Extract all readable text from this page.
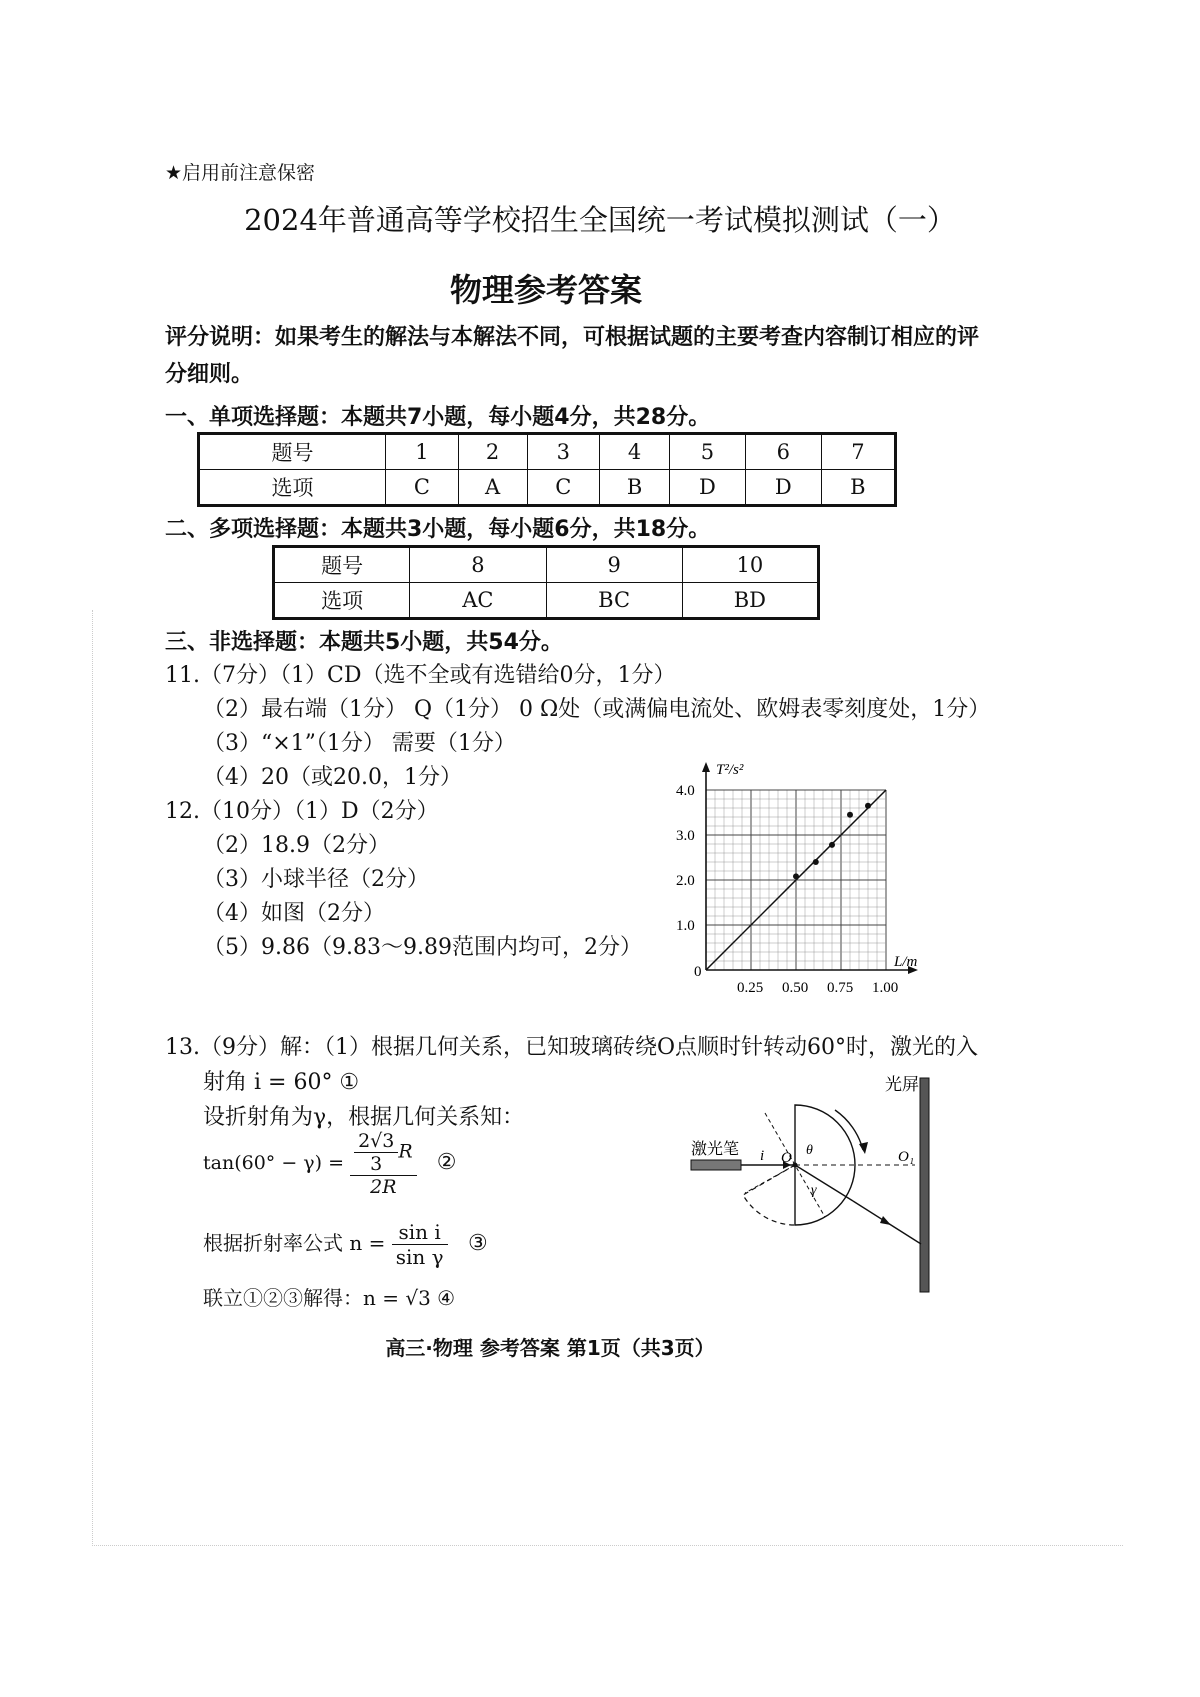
★启用前注意保密
2024年普通高等学校招生全国统一考试模拟测试（一）
物理参考答案
评分说明：如果考生的解法与本解法不同，可根据试题的主要考查内容制订相应的评
分细则。
一、单项选择题：本题共7小题，每小题4分，共28分。
题号	1	2	3	4	5	6	7
选项	C	A	C	B	D	D	B
二、多项选择题：本题共3小题，每小题6分，共18分。
题号	8	9	10
选项	AC	BC	BD
三、非选择题：本题共5小题，共54分。
11.（7分）（1）CD（选不全或有选错给0分，1分）
（2）最右端（1分） Q（1分） 0 Ω处（或满偏电流处、欧姆表零刻度处，1分）
（3）“×1”（1分） 需要（1分）
（4）20（或20.0，1分）
12.（10分）（1）D（2分）
（2）18.9（2分）
（3）小球半径（2分）
（4）如图（2分）
（5）9.86（9.83～9.89范围内均可，2分）
1.0
2.0
3.0
4.0
0.25 0.50 0.75 1.00
T²/s²
L/m
0
13.（9分）解：（1）根据几何关系，已知玻璃砖绕O点顺时针转动60°时，激光的入
射角 i = 60° ①
设折射角为γ，根据几何关系知：
$\tan(60^\circ - \gamma) = \frac{\frac{2√3}{3} R}{2R}$ ②
根据折射率公式 $n = \frac{\text{sin i}}{\text{sin γ}}$ ③
联立①②③解得：n = √3 ④
光屏
激光笔 i O θ
γ
O₁
高三·物理 参考答案 第1页（共3页）
